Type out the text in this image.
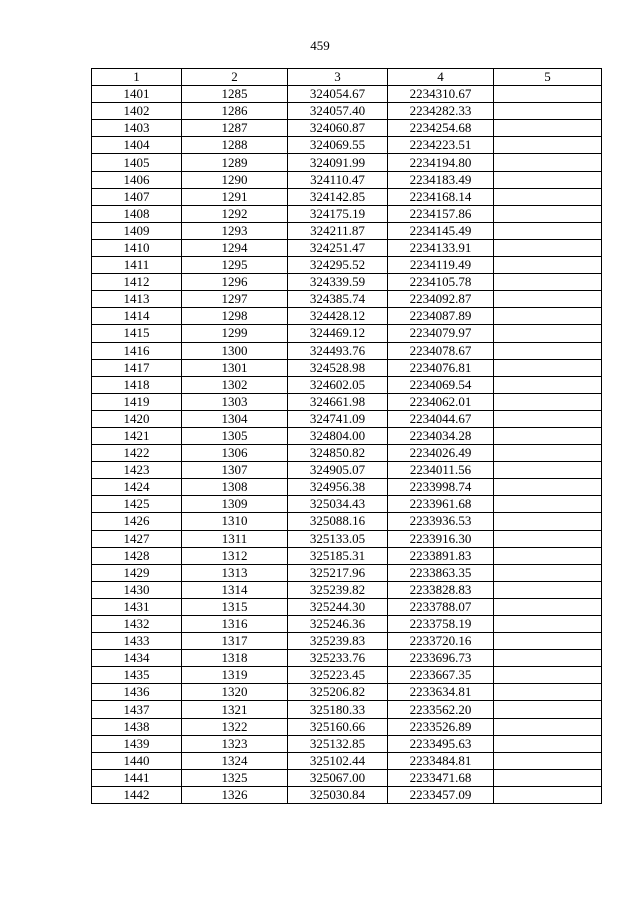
459
1	2	3	4	5
1401	1285	324054.67	2234310.67	
1402	1286	324057.40	2234282.33	
1403	1287	324060.87	2234254.68	
1404	1288	324069.55	2234223.51	
1405	1289	324091.99	2234194.80	
1406	1290	324110.47	2234183.49	
1407	1291	324142.85	2234168.14	
1408	1292	324175.19	2234157.86	
1409	1293	324211.87	2234145.49	
1410	1294	324251.47	2234133.91	
1411	1295	324295.52	2234119.49	
1412	1296	324339.59	2234105.78	
1413	1297	324385.74	2234092.87	
1414	1298	324428.12	2234087.89	
1415	1299	324469.12	2234079.97	
1416	1300	324493.76	2234078.67	
1417	1301	324528.98	2234076.81	
1418	1302	324602.05	2234069.54	
1419	1303	324661.98	2234062.01	
1420	1304	324741.09	2234044.67	
1421	1305	324804.00	2234034.28	
1422	1306	324850.82	2234026.49	
1423	1307	324905.07	2234011.56	
1424	1308	324956.38	2233998.74	
1425	1309	325034.43	2233961.68	
1426	1310	325088.16	2233936.53	
1427	1311	325133.05	2233916.30	
1428	1312	325185.31	2233891.83	
1429	1313	325217.96	2233863.35	
1430	1314	325239.82	2233828.83	
1431	1315	325244.30	2233788.07	
1432	1316	325246.36	2233758.19	
1433	1317	325239.83	2233720.16	
1434	1318	325233.76	2233696.73	
1435	1319	325223.45	2233667.35	
1436	1320	325206.82	2233634.81	
1437	1321	325180.33	2233562.20	
1438	1322	325160.66	2233526.89	
1439	1323	325132.85	2233495.63	
1440	1324	325102.44	2233484.81	
1441	1325	325067.00	2233471.68	
1442	1326	325030.84	2233457.09	
